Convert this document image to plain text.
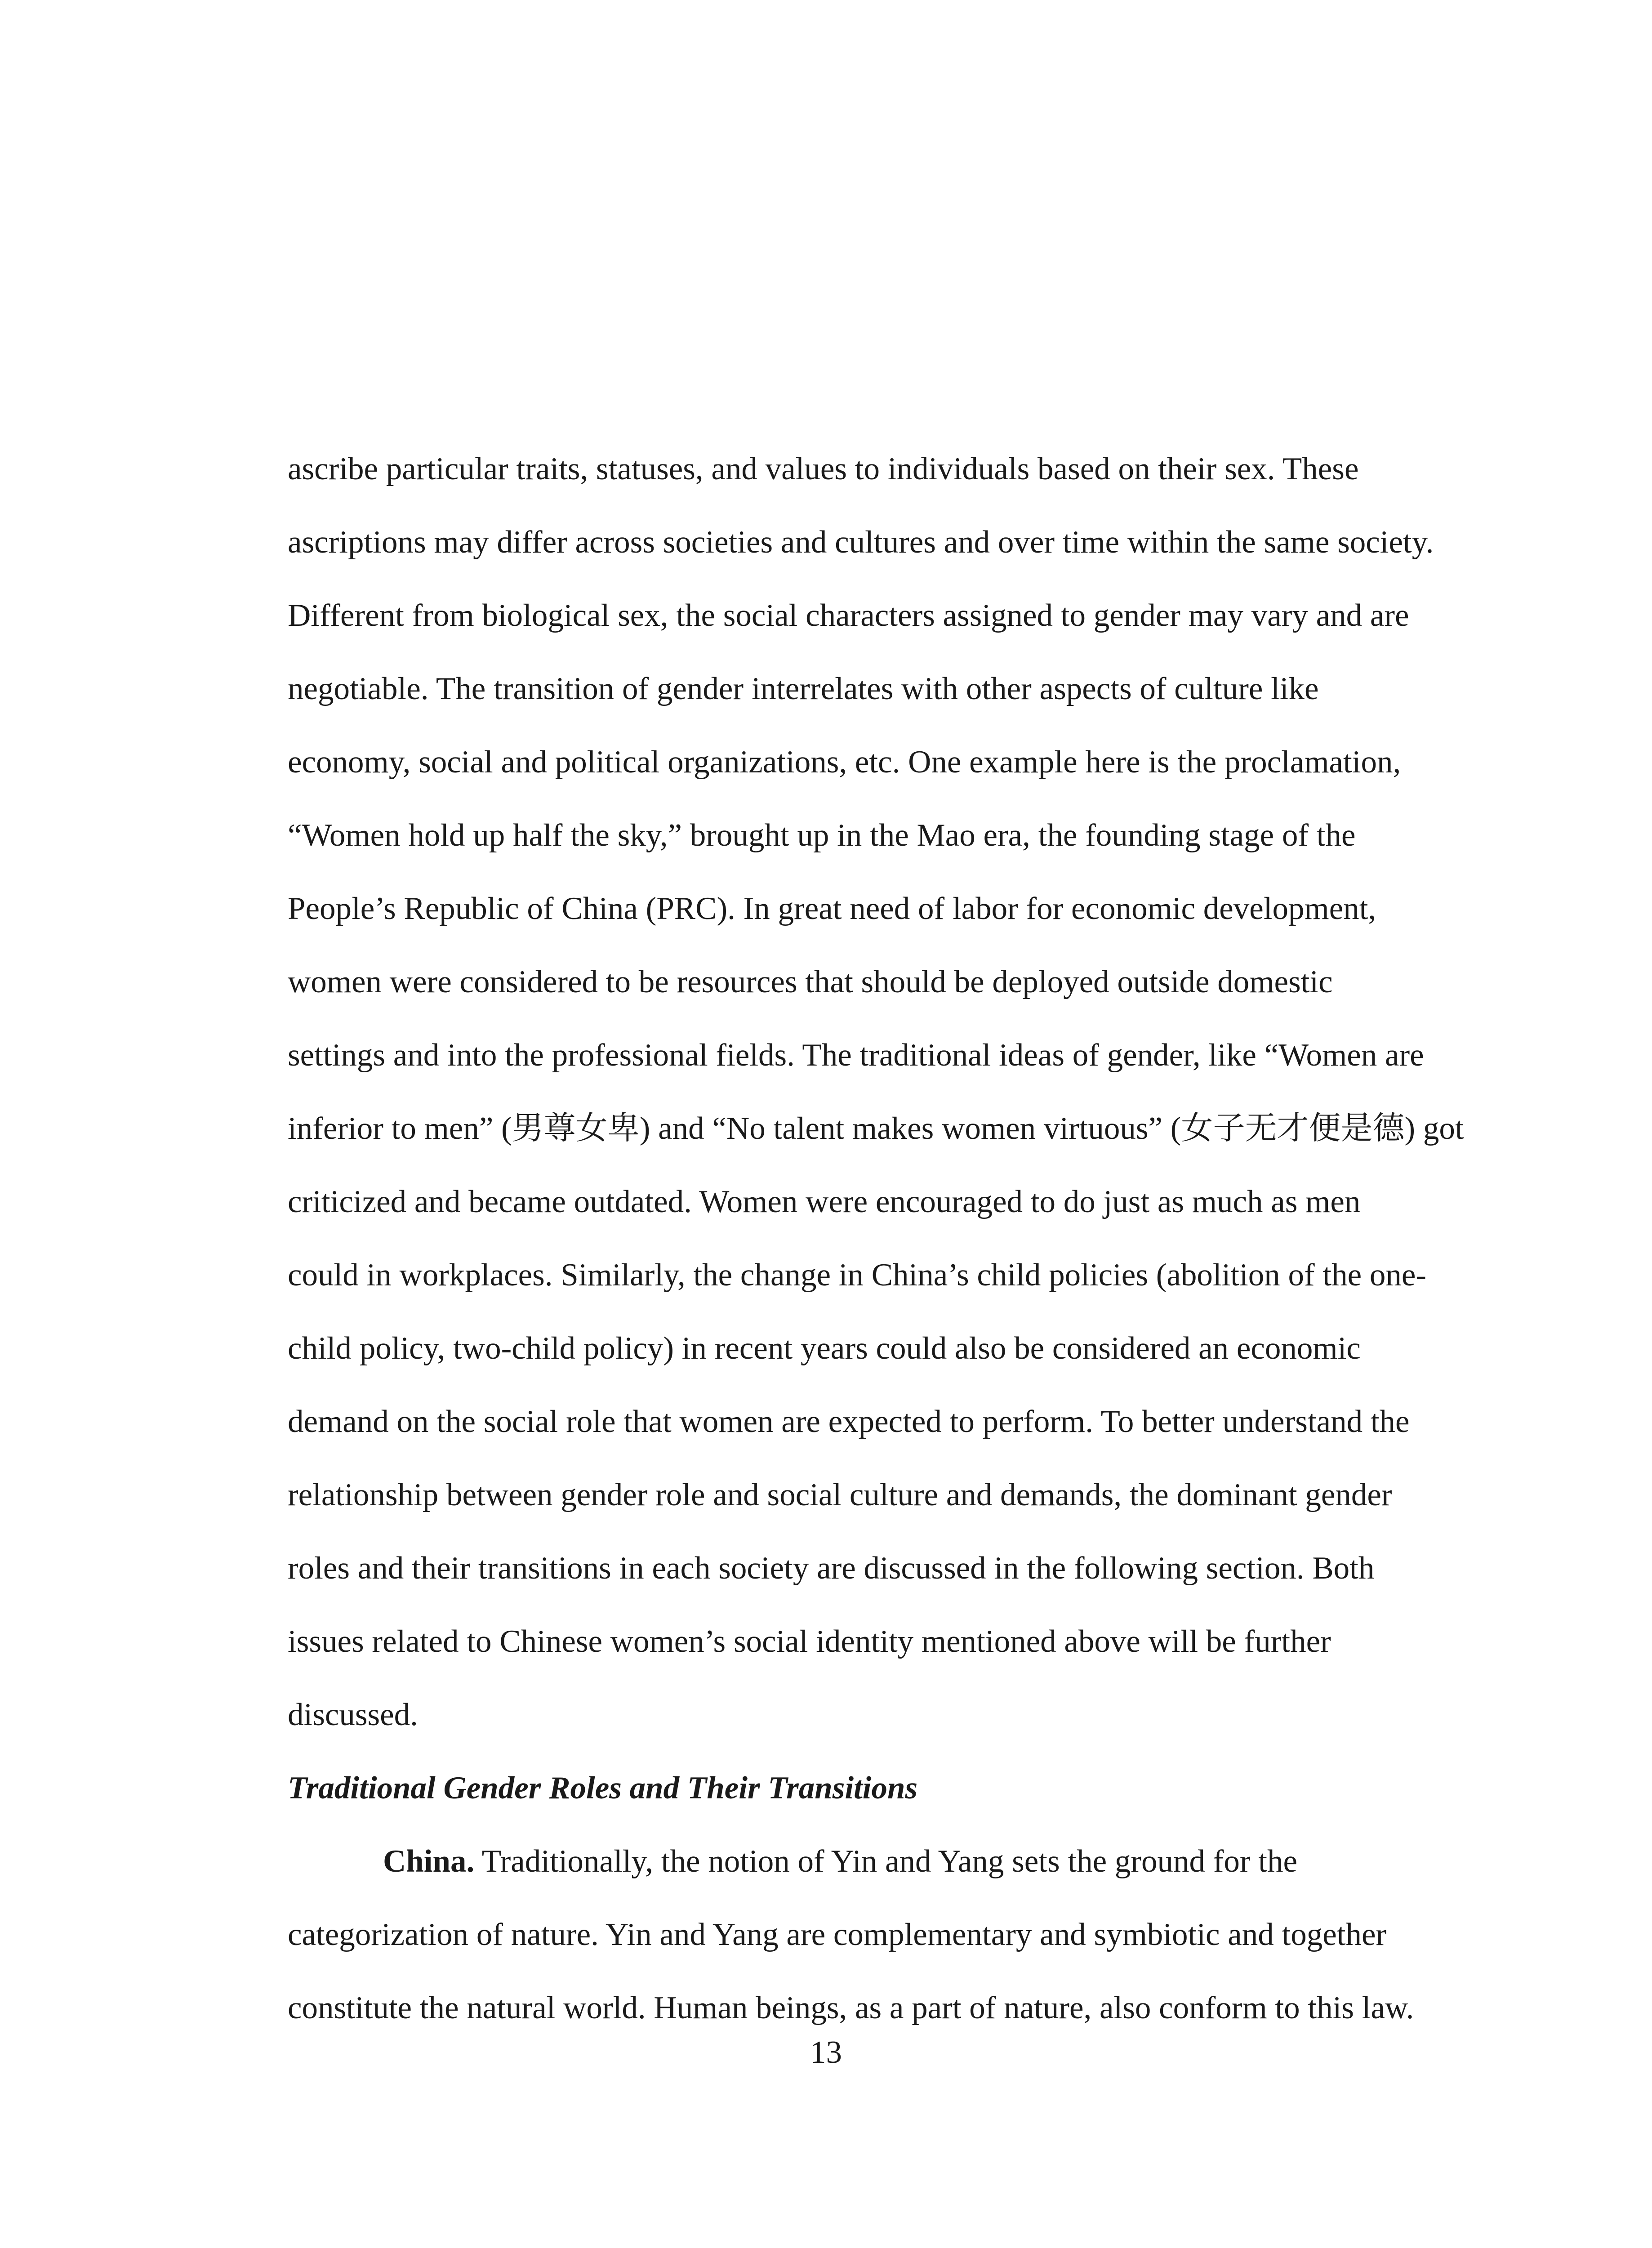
ascribe particular traits, statuses, and values to individuals based on their sex. These
ascriptions may differ across societies and cultures and over time within the same society.
Different from biological sex, the social characters assigned to gender may vary and are
negotiable. The transition of gender interrelates with other aspects of culture like
economy, social and political organizations, etc. One example here is the proclamation,
“Women hold up half the sky,” brought up in the Mao era, the founding stage of the
People’s Republic of China (PRC). In great need of labor for economic development,
women were considered to be resources that should be deployed outside domestic
settings and into the professional fields. The traditional ideas of gender, like “Women are
inferior to men” (男尊女卑) and “No talent makes women virtuous” (女子无才便是德) got
criticized and became outdated. Women were encouraged to do just as much as men
could in workplaces. Similarly, the change in China’s child policies (abolition of the one-
child policy, two-child policy) in recent years could also be considered an economic
demand on the social role that women are expected to perform. To better understand the
relationship between gender role and social culture and demands, the dominant gender
roles and their transitions in each society are discussed in the following section. Both
issues related to Chinese women’s social identity mentioned above will be further
discussed.
Traditional Gender Roles and Their Transitions
China. Traditionally, the notion of Yin and Yang sets the ground for the
categorization of nature. Yin and Yang are complementary and symbiotic and together
constitute the natural world. Human beings, as a part of nature, also conform to this law.
13
